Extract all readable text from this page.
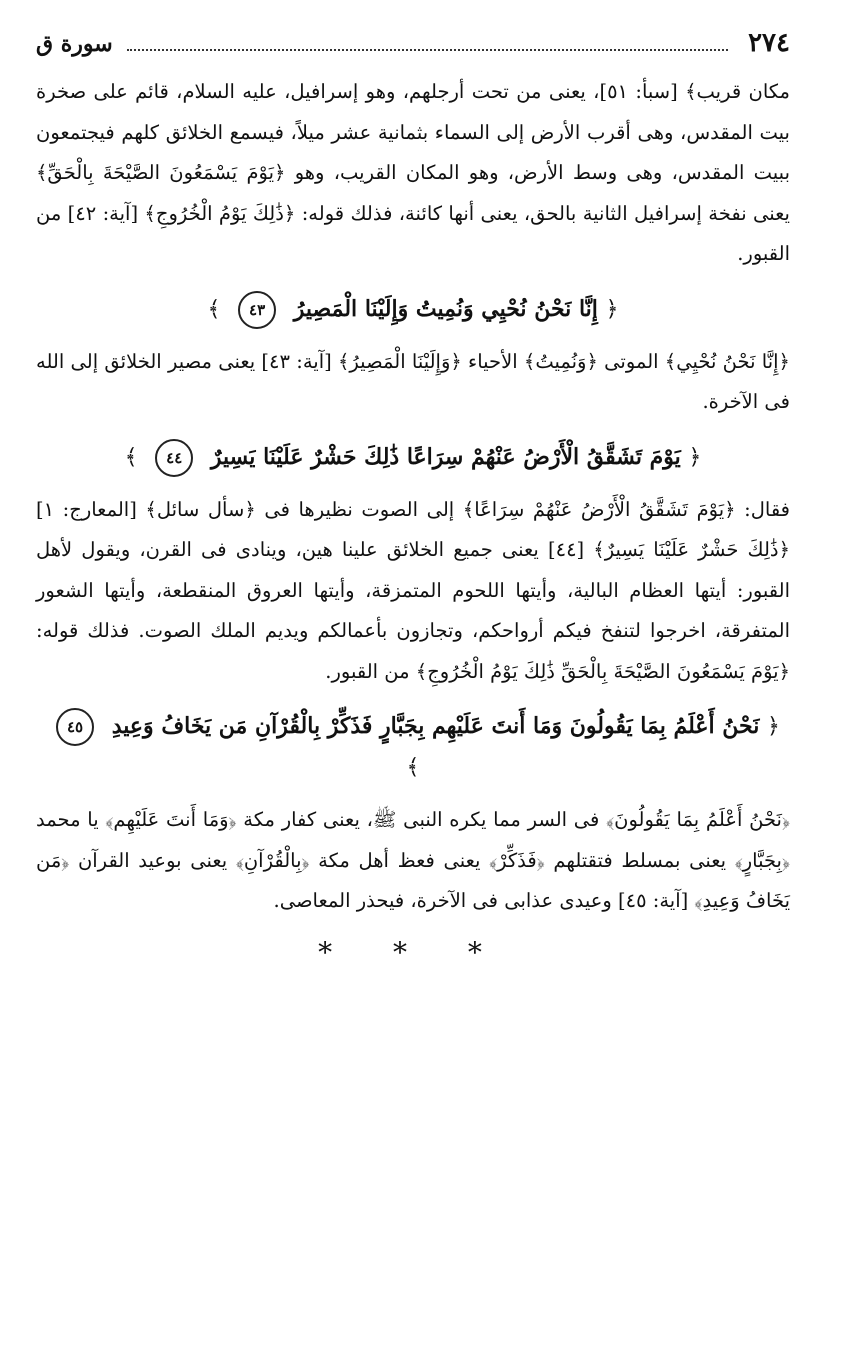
٢٧٤
سورة ق

مكان قريب﴾ [سبأ: ٥١]، يعنى من تحت أرجلهم، وهو إسرافيل، عليه السلام، قائم على صخرة بيت المقدس، وهى أقرب الأرض إلى السماء بثمانية عشر ميلاً، فيسمع الخلائق كلهم فيجتمعون ببيت المقدس، وهى وسط الأرض، وهو المكان القريب، وهو ﴿يَوْمَ يَسْمَعُونَ الصَّيْحَةَ بِالْحَقِّ﴾ يعنى نفخة إسرافيل الثانية بالحق، يعنى أنها كائنة، فذلك قوله: ﴿ذَٰلِكَ يَوْمُ الْخُرُوجِ﴾ [آية: ٤٢] من القبور.

﴿ إِنَّا نَحْنُ نُحْيِي وَنُمِيتُ وَإِلَيْنَا الْمَصِيرُ ٤٣ ﴾

﴿إِنَّا نَحْنُ نُحْيِي﴾ الموتى ﴿وَنُمِيتُ﴾ الأحياء ﴿وَإِلَيْنَا الْمَصِيرُ﴾ [آية: ٤٣] يعنى مصير الخلائق إلى الله فى الآخرة.

﴿ يَوْمَ تَشَقَّقُ الْأَرْضُ عَنْهُمْ سِرَاعًا ذَٰلِكَ حَشْرٌ عَلَيْنَا يَسِيرٌ ٤٤ ﴾

فقال: ﴿يَوْمَ تَشَقَّقُ الْأَرْضُ عَنْهُمْ سِرَاعًا﴾ إلى الصوت نظيرها فى ﴿سأل سائل﴾ [المعارج: ١] ﴿ذَٰلِكَ حَشْرٌ عَلَيْنَا يَسِيرٌ﴾ [٤٤] يعنى جميع الخلائق علينا هين، وينادى فى القرن، ويقول لأهل القبور: أيتها العظام البالية، وأيتها اللحوم المتمزقة، وأيتها العروق المنقطعة، وأيتها الشعور المتفرقة، اخرجوا لتنفخ فيكم أرواحكم، وتجازون بأعمالكم ويديم الملك الصوت. فذلك قوله: ﴿يَوْمَ يَسْمَعُونَ الصَّيْحَةَ بِالْحَقِّ ذَٰلِكَ يَوْمُ الْخُرُوجِ﴾ من القبور.

﴿ نَحْنُ أَعْلَمُ بِمَا يَقُولُونَ وَمَا أَنتَ عَلَيْهِم بِجَبَّارٍ فَذَكِّرْ بِالْقُرْآنِ مَن يَخَافُ وَعِيدِ ٤٥ ﴾

﴿نَحْنُ أَعْلَمُ بِمَا يَقُولُونَ﴾ فى السر مما يكره النبى ﷺ، يعنى كفار مكة ﴿وَمَا أَنتَ عَلَيْهِم﴾ يا محمد ﴿بِجَبَّارٍ﴾ يعنى بمسلط فتقتلهم ﴿فَذَكِّرْ﴾ يعنى فعظ أهل مكة ﴿بِالْقُرْآنِ﴾ يعنى بوعيد القرآن ﴿مَن يَخَافُ وَعِيدِ﴾ [آية: ٤٥] وعيدى عذابى فى الآخرة، فيحذر المعاصى.

* * *
